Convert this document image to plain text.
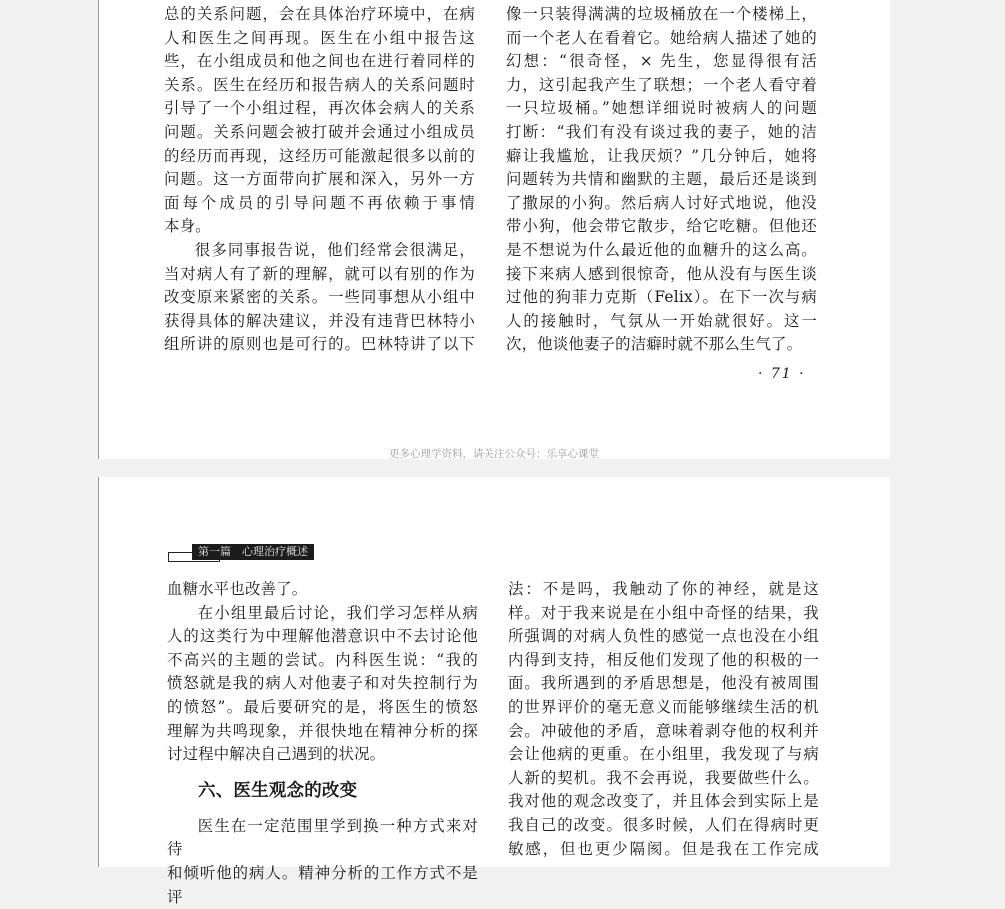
总的关系问题，会在具体治疗环境中，在病

人和医生之间再现。医生在小组中报告这

些，在小组成员和他之间也在进行着同样的

关系。医生在经历和报告病人的关系问题时

引导了一个小组过程，再次体会病人的关系

问题。关系问题会被打破并会通过小组成员

的经历而再现，这经历可能激起很多以前的

问题。这一方面带向扩展和深入，另外一方

面每个成员的引导问题不再依赖于事情

本身。

很多同事报告说，他们经常会很满足，

当对病人有了新的理解，就可以有别的作为

改变原来紧密的关系。一些同事想从小组中

获得具体的解决建议，并没有违背巴林特小

组所讲的原则也是可行的。巴林特讲了以下

像一只装得满满的垃圾桶放在一个楼梯上，

而一个老人在看着它。她给病人描述了她的

幻想：“很奇怪，× 先生，您显得很有活

力，这引起我产生了联想；一个老人看守着

一只垃圾桶。”她想详细说时被病人的问题

打断：“我们有没有谈过我的妻子，她的洁

癖让我尴尬，让我厌烦？”几分钟后，她将

问题转为共情和幽默的主题，最后还是谈到

了撒尿的小狗。然后病人讨好式地说，他没

带小狗，他会带它散步，给它吃糖。但他还

是不想说为什么最近他的血糖升的这么高。

接下来病人感到很惊奇，他从没有与医生谈

过他的狗菲力克斯（Felix）。在下一次与病

人的接触时，气氛从一开始就很好。这一

次，他谈他妻子的洁癖时就不那么生气了。

· 71 ·
更多心理学资料，请关注公众号：乐享心课堂
第一篇　心理治疗概述

血糖水平也改善了。

在小组里最后讨论，我们学习怎样从病

人的这类行为中理解他潜意识中不去讨论他

不高兴的主题的尝试。内科医生说：“我的

愤怒就是我的病人对他妻子和对失控制行为

的愤怒”。最后要研究的是，将医生的愤怒

理解为共鸣现象，并很快地在精神分析的探

讨过程中解决自己遇到的状况。

六、医生观念的改变

医生在一定范围里学到换一种方式来对待

和倾听他的病人。精神分析的工作方式不是评

法：不是吗，我触动了你的神经，就是这

样。对于我来说是在小组中奇怪的结果，我

所强调的对病人负性的感觉一点也没在小组

内得到支持，相反他们发现了他的积极的一

面。我所遇到的矛盾思想是，他没有被周围

的世界评价的毫无意义而能够继续生活的机

会。冲破他的矛盾，意味着剥夺他的权利并

会让他病的更重。在小组里，我发现了与病

人新的契机。我不会再说，我要做些什么。

我对他的观念改变了，并且体会到实际上是

我自己的改变。很多时候，人们在得病时更

敏感，但也更少隔阂。但是我在工作完成
